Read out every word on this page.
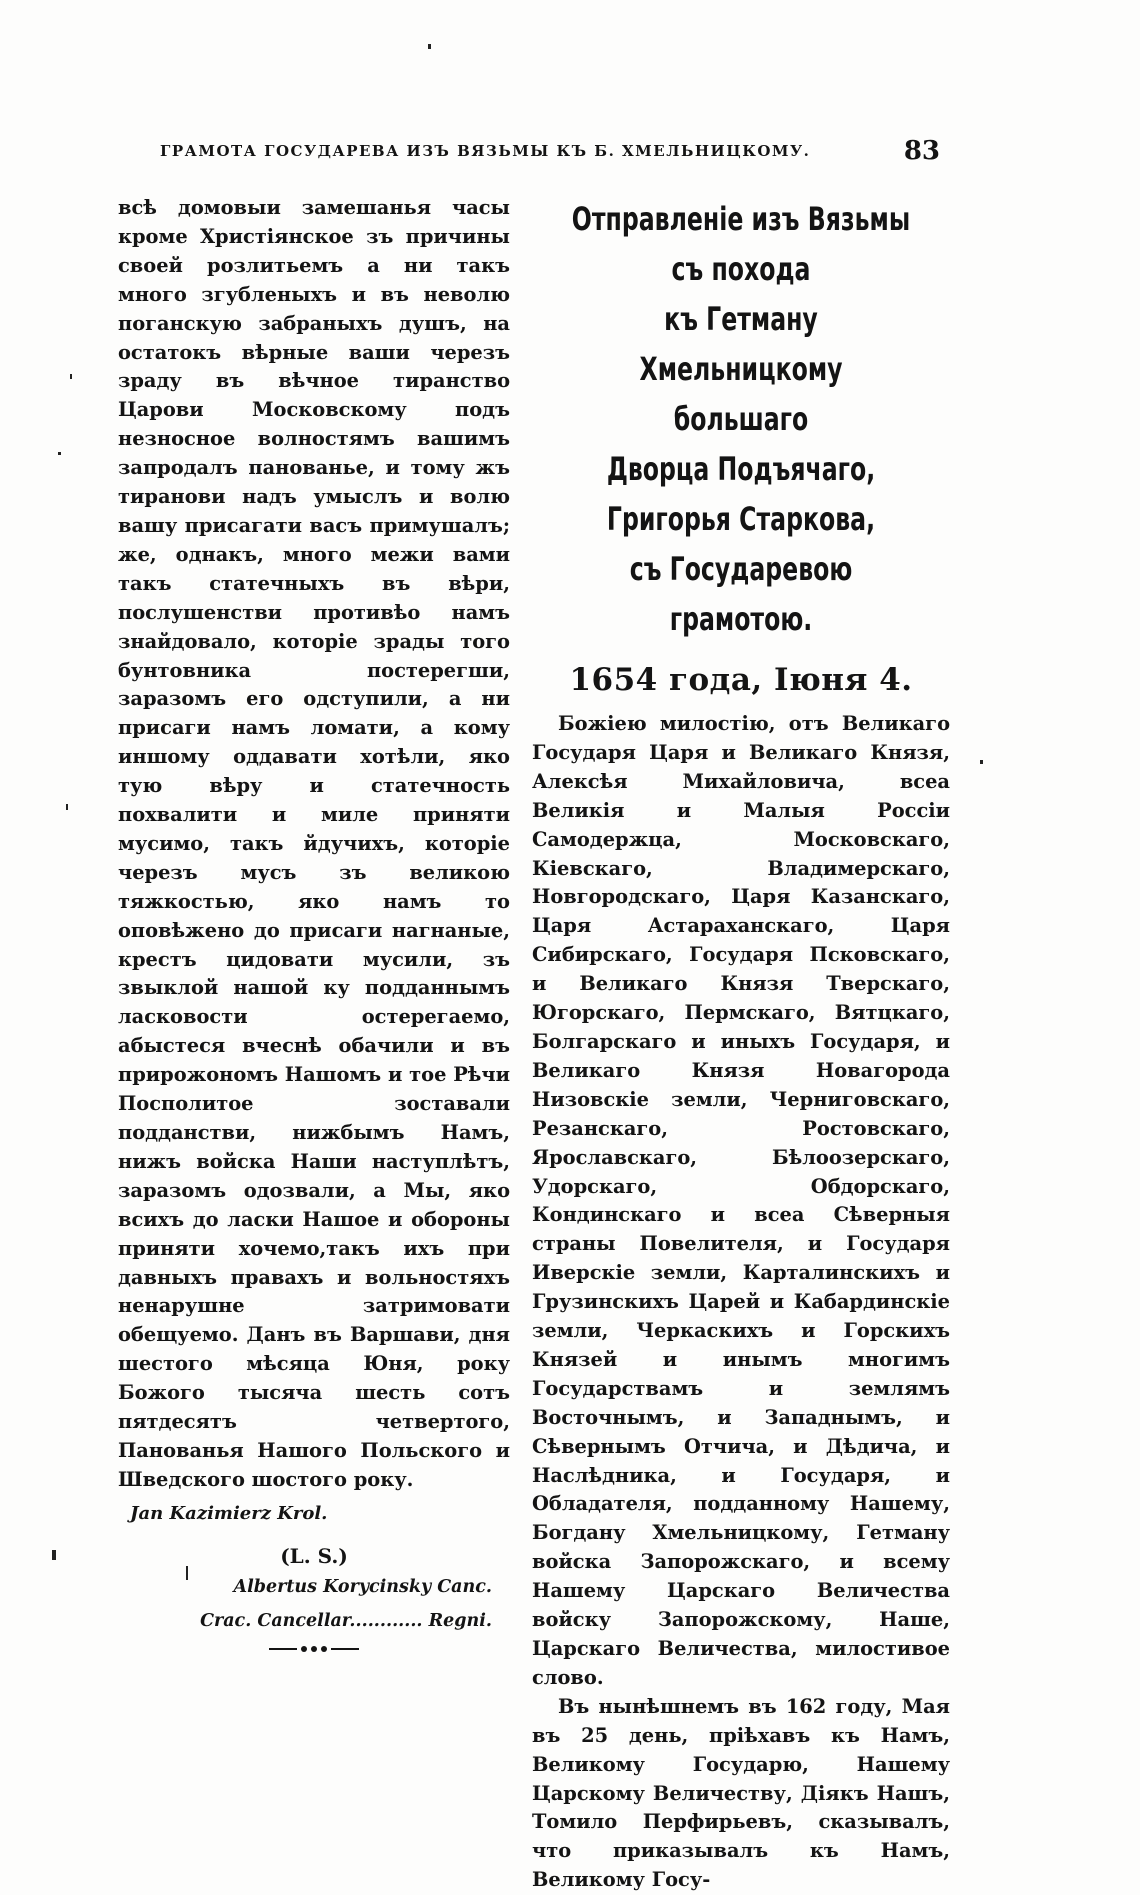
ГРАМОТА ГОСУДАРЕВА ИЗЪ ВЯЗЬМЫ КЪ Б. ХМЕЛЬНИЦКОМУ.	83
всѣ домовыи замешанья часы кроме Христіянское зъ причины своей розлитьемъ а ни такъ много згубленыхъ и въ неволю поганскую забраныхъ душъ, на остатокъ вѣрные ваши черезъ зраду въ вѣчное тиранство Царови Московскому подъ незносное волностямъ вашимъ запродалъ панованье, и тому жъ тиранови надъ умыслъ и волю вашу присагати васъ примушалъ; же, однакъ, много межи вами такъ статечныхъ въ вѣри, послушенстви противѣо намъ знайдовало, которіе зрады того бунтовника постерегши, заразомъ его одступили, а ни присаги намъ ломати, а кому иншому оддавати хотѣли, яко тую вѣру и статечность похвалити и миле приняти мусимо, такъ йдучихъ, которіе черезъ мусъ зъ великою тяжкостью, яко намъ то оповѣжено до присаги нагнаные, крестъ цидовати мусили, зъ звыклой нашой ку подданнымъ ласковости остерегаемо, абыстеся вчеснѣ обачили и въ прирожономъ Нашомъ и тое Рѣчи Посполитое зоставали подданстви, нижбымъ Намъ, нижъ войска Наши наступлѣтъ, заразомъ одозвали, а Мы, яко всихъ до ласки Нашое и обороны приняти хочемо,такъ ихъ при давныхъ правахъ и вольностяхъ ненарушне затримовати обещуемо. Данъ въ Варшави, дня шестого мѣсяца Юня, року Божого тысяча шесть сотъ пятдесятъ четвертого, Панованья Нашого Польского и Шведского шостого року.
Jan Kazimierz Krol.
(L. S.)
Albertus Korycinsky Canc.
Crac. Cancellar............ Regni.
Отправленіе изъ Вязьмы съ похода
къ Гетману Хмельницкому большаго
Дворца Подъячаго, Григорья Старкова,
съ Государевою грамотою.
1654 года, Іюня 4.

Божіею милостію, отъ Великаго Государя Царя и Великаго Князя, Алексѣя Михайловича, всеа Великія и Малыя Россіи Самодержца, Московскаго, Кіевскаго, Владимерскаго, Новгородскаго, Царя Казанскаго, Царя Астараханскаго, Царя Сибирскаго, Государя Псковскаго, и Великаго Князя Тверскаго, Югорскаго, Пермскаго, Вятцкаго, Болгарскаго и иныхъ Государя, и Великаго Князя Новагорода Низовскіе земли, Черниговскаго, Резанскаго, Ростовскаго, Ярославскаго, Бѣлоозерскаго, Удорскаго, Обдорскаго, Кондинскаго и всеа Сѣверныя страны Повелителя, и Государя Иверскіе земли, Карталинскихъ и Грузинскихъ Царей и Кабардинскіе земли, Черкаскихъ и Горскихъ Князей и инымъ многимъ Государствамъ и землямъ Восточнымъ, и Западнымъ, и Сѣвернымъ Отчича, и Дѣдича, и Наслѣдника, и Государя, и Обладателя, подданному Нашему, Богдану Хмельницкому, Гетману войска Запорожскаго, и всему Нашему Царскаго Величества войску Запорожскому, Наше, Царскаго Величества, милостивое слово.

Въ нынѣшнемъ въ 162 году, Мая въ 25 день, пріѣхавъ къ Намъ, Великому Государю, Нашему Царскому Величеству, Діякъ Нашъ, Томило Перфирьевъ, сказывалъ, что приказывалъ къ Намъ, Великому Госу-
